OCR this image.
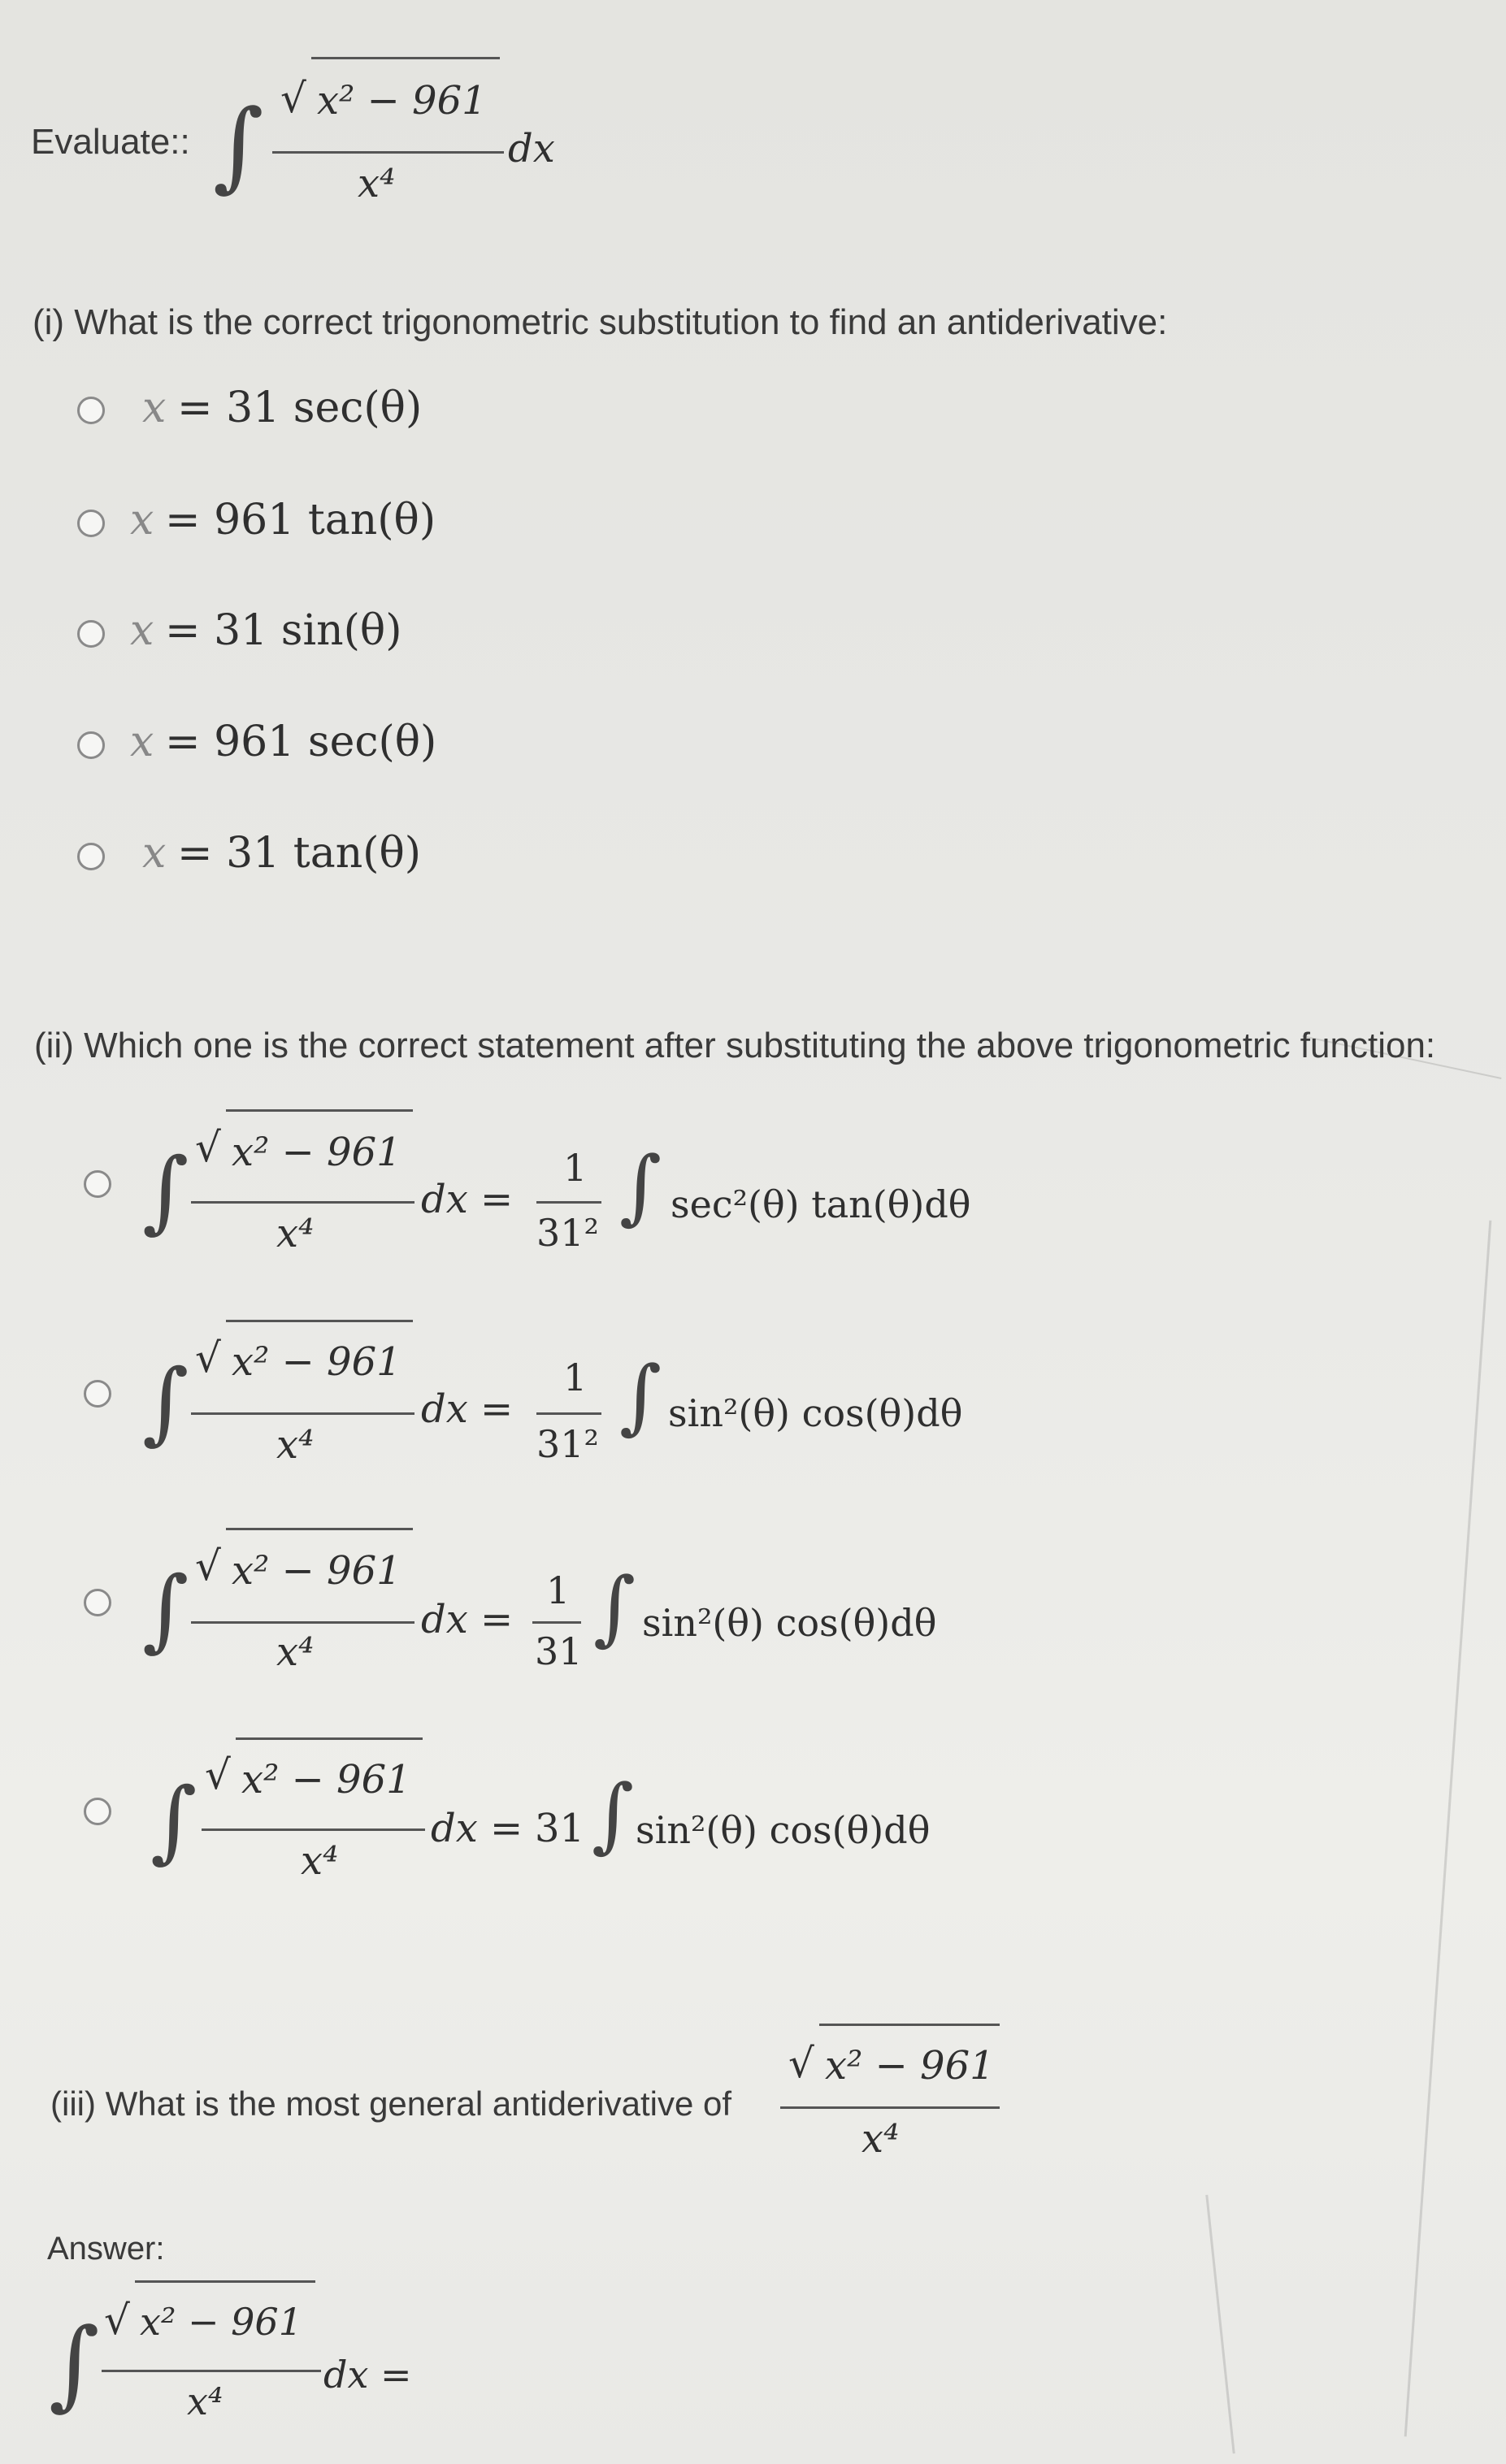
Evaluate:: ∫ √ x² − 961
x⁴
dx
(i) What is the correct trigonometric substitution to find an antiderivative:
x = 31 sec(θ)
x = 961 tan(θ)
x = 31 sin(θ)
x = 961 sec(θ)
x = 31 tan(θ)
(ii) Which one is the correct statement after substituting the above trigonometric function:
∫ √ x² − 961
x⁴
dx =
1
31² ∫ sec²(θ) tan(θ)dθ
∫ √ x² − 961
x⁴
dx =
1
31²
∫ sin²(θ) cos(θ)dθ
∫ √ x² − 961
x⁴
dx =
1
31 ∫ sin²(θ) cos(θ)dθ
∫ √ x² − 961
x⁴
dx = 31 ∫ sin²(θ) cos(θ)dθ
(iii) What is the most general antiderivative of
√ x² − 961
x⁴
Answer:
∫ √ x² − 961
x⁴
dx =
